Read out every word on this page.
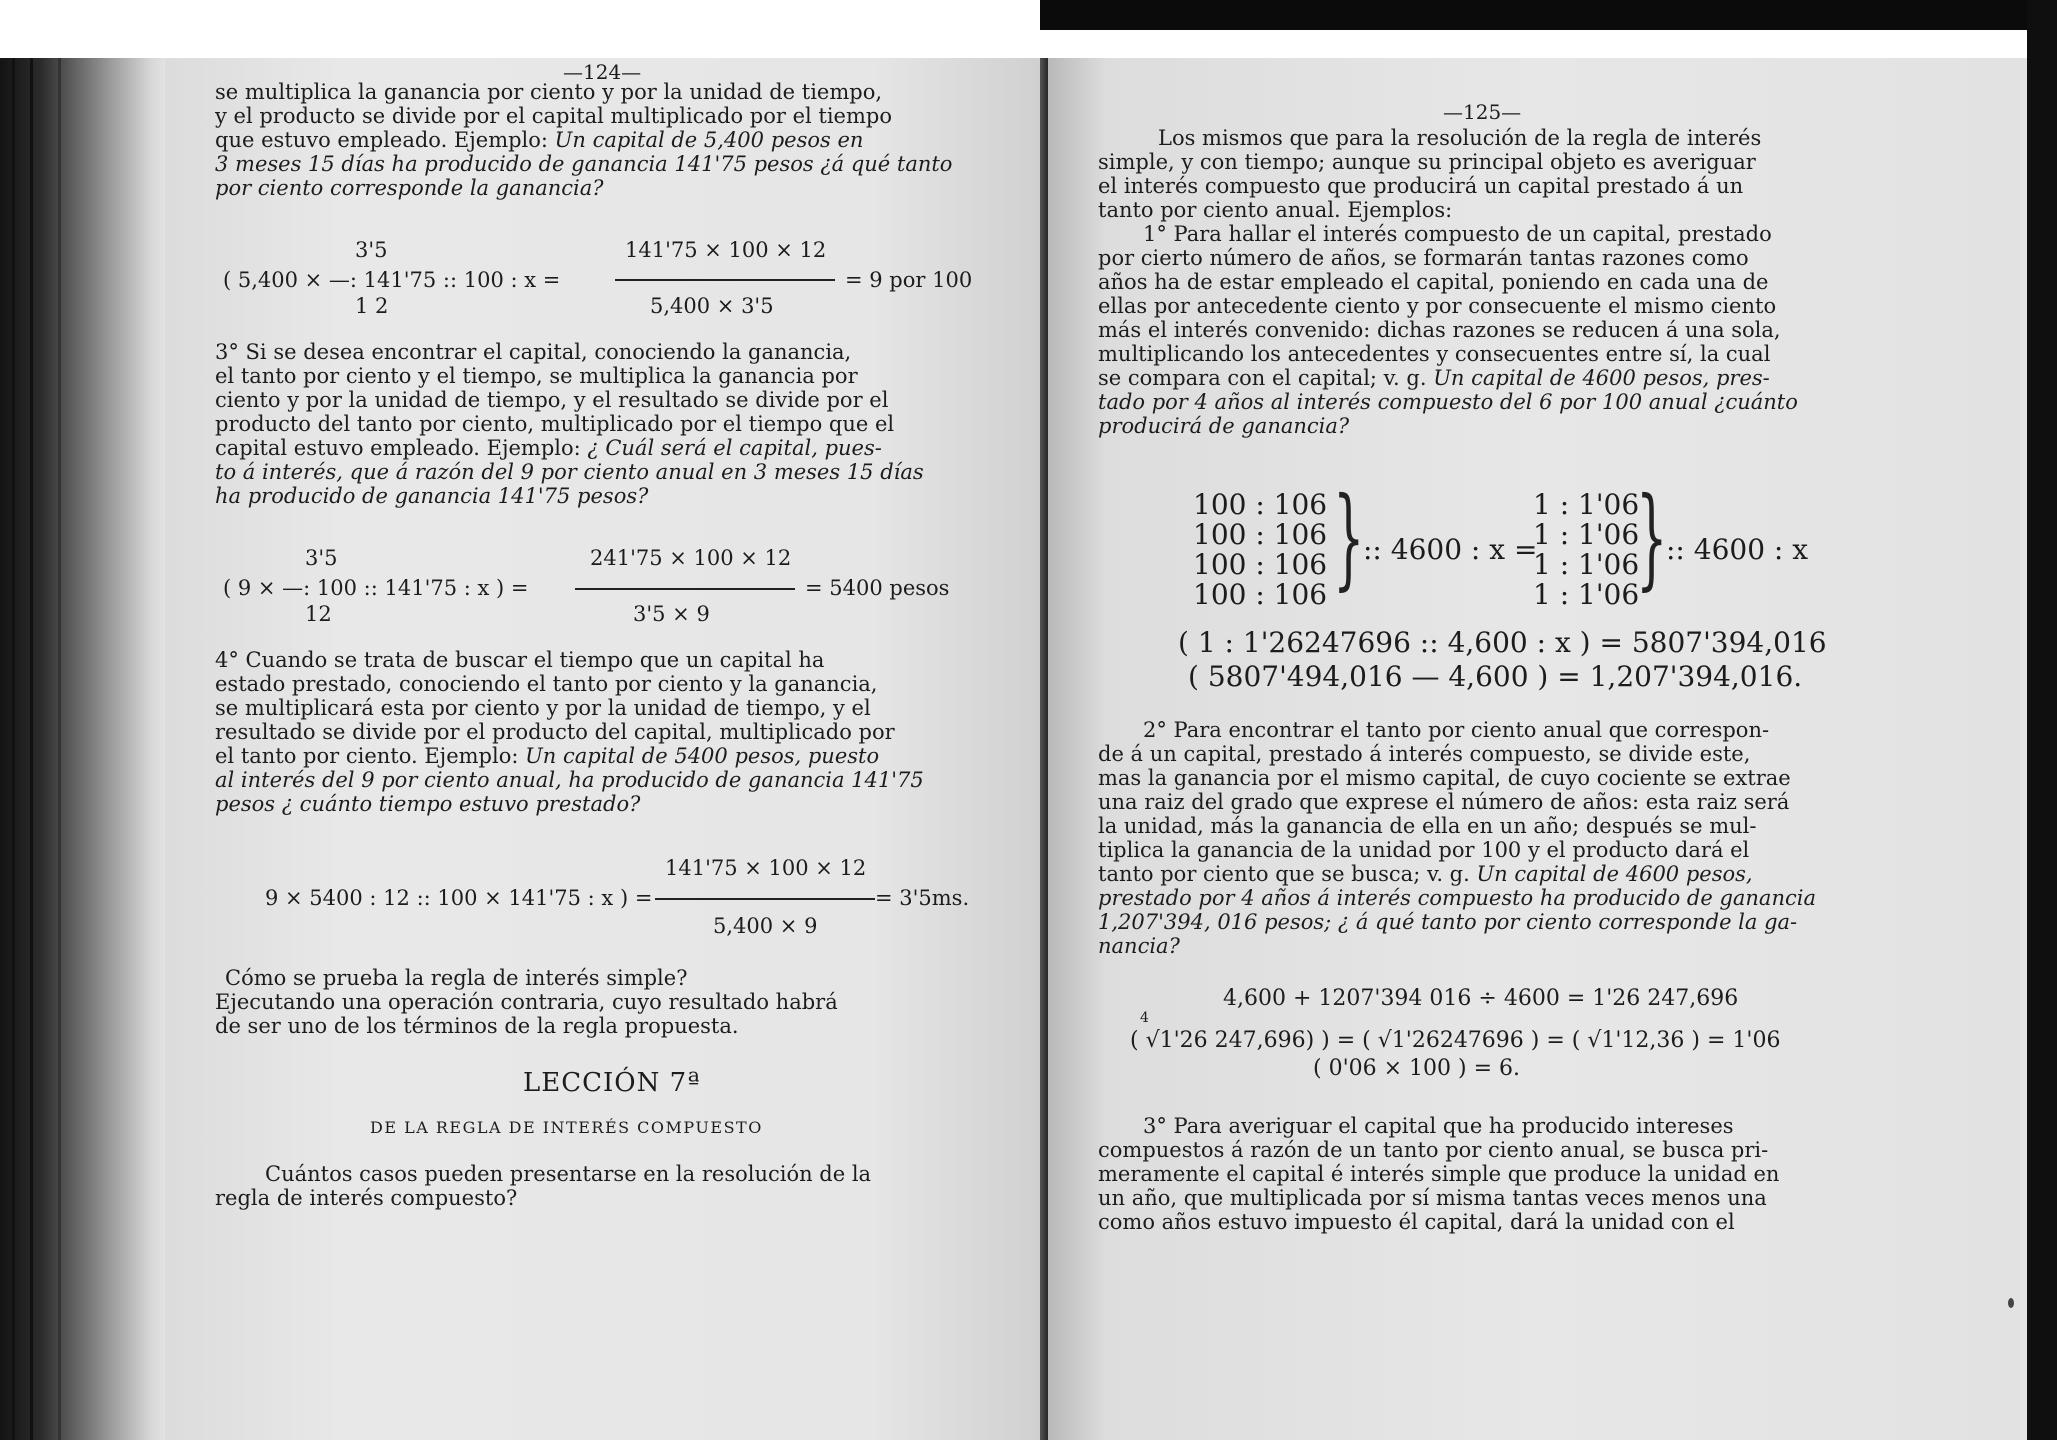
—124—
se multiplica la ganancia por ciento y por la unidad de tiempo,
y el producto se divide por el capital multiplicado por el tiempo
que estuvo empleado. Ejemplo: Un capital de 5,400 pesos en
3 meses 15 días ha producido de ganancia 141'75 pesos ¿á qué tanto
por ciento corresponde la ganancia?
3'5
( 5,400 × —: 141'75 :: 100 : x =
1 2
141'75 × 100 × 12
5,400 × 3'5
= 9 por 100
3° Si se desea encontrar el capital, conociendo la ganancia,
el tanto por ciento y el tiempo, se multiplica la ganancia por
ciento y por la unidad de tiempo, y el resultado se divide por el
producto del tanto por ciento, multiplicado por el tiempo que el
capital estuvo empleado. Ejemplo: ¿ Cuál será el capital, pues-
to á interés, que á razón del 9 por ciento anual en 3 meses 15 días
ha producido de ganancia 141'75 pesos?
3'5
( 9 × —: 100 :: 141'75 : x ) =
12
241'75 × 100 × 12
3'5 × 9
= 5400 pesos
4° Cuando se trata de buscar el tiempo que un capital ha
estado prestado, conociendo el tanto por ciento y la ganancia,
se multiplicará esta por ciento y por la unidad de tiempo, y el
resultado se divide por el producto del capital, multiplicado por
el tanto por ciento. Ejemplo: Un capital de 5400 pesos, puesto
al interés del 9 por ciento anual, ha producido de ganancia 141'75
pesos ¿ cuánto tiempo estuvo prestado?
141'75 × 100 × 12
9 × 5400 : 12 :: 100 × 141'75 : x ) =
5,400 × 9
= 3'5ms.
Cómo se prueba la regla de interés simple?
Ejecutando una operación contraria, cuyo resultado habrá
de ser uno de los términos de la regla propuesta.
LECCIÓN 7ª
DE LA REGLA DE INTERÉS COMPUESTO
Cuántos casos pueden presentarse en la resolución de la
regla de interés compuesto?
—125—
Los mismos que para la resolución de la regla de interés
simple, y con tiempo; aunque su principal objeto es averiguar
el interés compuesto que producirá un capital prestado á un
tanto por ciento anual. Ejemplos:
1° Para hallar el interés compuesto de un capital, prestado
por cierto número de años, se formarán tantas razones como
años ha de estar empleado el capital, poniendo en cada una de
ellas por antecedente ciento y por consecuente el mismo ciento
más el interés convenido: dichas razones se reducen á una sola,
multiplicando los antecedentes y consecuentes entre sí, la cual
se compara con el capital; v. g. Un capital de 4600 pesos, pres-
tado por 4 años al interés compuesto del 6 por 100 anual ¿cuánto
producirá de ganancia?
100 : 106
100 : 106
100 : 106
100 : 106 }
:: 4600 : x =
1 : 1'06
1 : 1'06
1 : 1'06
1 : 1'06
}
:: 4600 : x
( 1 : 1'26247696 :: 4,600 : x ) = 5807'394,016
( 5807'494,016 — 4,600 ) = 1,207'394,016.
2° Para encontrar el tanto por ciento anual que correspon-
de á un capital, prestado á interés compuesto, se divide este,
mas la ganancia por el mismo capital, de cuyo cociente se extrae
una raiz del grado que exprese el número de años: esta raiz será
la unidad, más la ganancia de ella en un año; después se mul-
tiplica la ganancia de la unidad por 100 y el producto dará el
tanto por ciento que se busca; v. g. Un capital de 4600 pesos,
prestado por 4 años á interés compuesto ha producido de ganancia
1,207'394, 016 pesos; ¿ á qué tanto por ciento corresponde la ga-
nancia?
4,600 + 1207'394 016 ÷ 4600 = 1'26 247,696
4
( √1'26 247,696) ) = ( √1'26247696 ) = ( √1'12,36 ) = 1'06
( 0'06 × 100 ) = 6.
3° Para averiguar el capital que ha producido intereses
compuestos á razón de un tanto por ciento anual, se busca pri-
meramente el capital é interés simple que produce la unidad en
un año, que multiplicada por sí misma tantas veces menos una
como años estuvo impuesto él capital, dará la unidad con el
